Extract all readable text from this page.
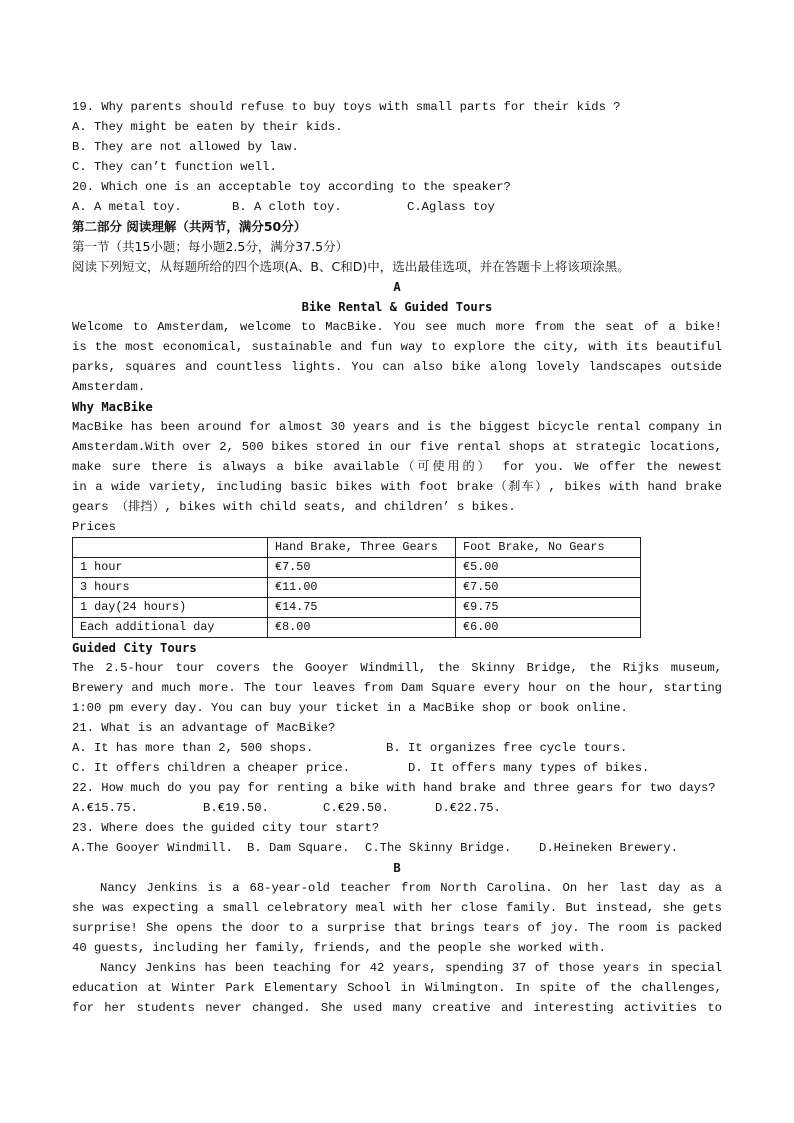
19. Why parents should refuse to buy toys with small parts for their kids ?
A. They might be eaten by their kids.
B. They are not allowed by law.
C. They can’t function well.
20. Which one is an acceptable toy according to the speaker?
A. A metal toy.	B. A cloth toy.	C.Aglass toy
第二部分 阅读理解（共两节，满分50分）
第一节（共15小题；每小题2.5分，满分37.5分）
阅读下列短文，从每题所给的四个选项(A、B、C和D)中，选出最佳选项，并在答题卡上将该项涂黑。
A
Bike Rental & Guided Tours
Welcome to Amsterdam, welcome to MacBike. You see much more from the seat of a bike!
is the most economical, sustainable and fun way to explore the city, with its beautiful
parks, squares and countless lights. You can also bike along lovely landscapes outside
Amsterdam.
Why MacBike
MacBike has been around for almost 30 years and is the biggest bicycle rental company in
Amsterdam.With over 2, 500 bikes stored in our five rental shops at strategic locations,
make sure there is always a bike available（可使用的） for you. We offer the newest
in a wide variety, including basic bikes with foot brake（刹车）, bikes with hand brake
gears （排挡）, bikes with child seats, and children’ s bikes.
Prices
	Hand Brake, Three Gears	Foot Brake, No Gears
1 hour	€7.50	€5.00
3 hours	€11.00	€7.50
1 day(24 hours)	€14.75	€9.75
Each additional day	€8.00	€6.00
Guided City Tours
The 2.5-hour tour covers the Gooyer Windmill, the Skinny Bridge, the Rijks museum,
Brewery and much more. The tour leaves from Dam Square every hour on the hour, starting
1:00 pm every day. You can buy your ticket in a MacBike shop or book online.
21. What is an advantage of MacBike?
A. It has more than 2, 500 shops.	B. It organizes free cycle tours.
C. It offers children a cheaper price.	D. It offers many types of bikes.
22. How much do you pay for renting a bike with hand brake and three gears for two days?
A.€15.75.	B.€19.50.	C.€29.50.	D.€22.75.
23. Where does the guided city tour start?
A.The Gooyer Windmill.	B. Dam Square.	C.The Skinny Bridge.	D.Heineken Brewery.
B
Nancy Jenkins is a 68-year-old teacher from North Carolina. On her last day as a
she was expecting a small celebratory meal with her close family. But instead, she gets
surprise! She opens the door to a surprise that brings tears of joy. The room is packed
40 guests, including her family, friends, and the people she worked with.
Nancy Jenkins has been teaching for 42 years, spending 37 of those years in special
education at Winter Park Elementary School in Wilmington. In spite of the challenges,
for her students never changed. She used many creative and interesting activities to
